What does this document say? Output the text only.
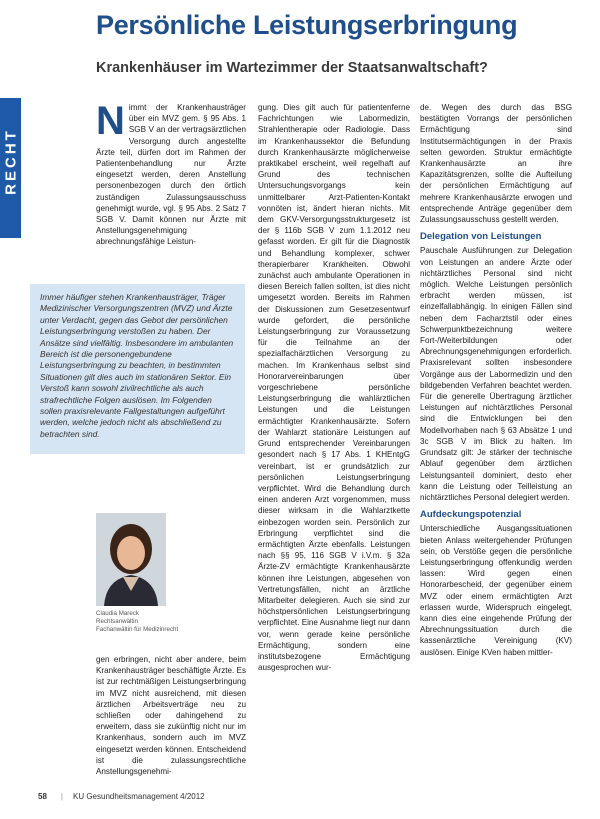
Persönliche Leistungserbringung
Krankenhäuser im Wartezimmer der Staatsanwaltschaft?
RECHT

Nimmt der Krankenhausträger über ein MVZ gem. § 95 Abs. 1 SGB V an der vertragsärztlichen Versorgung durch angestellte Ärzte teil, dürfen dort im Rahmen der Patientenbehandlung nur Ärzte eingesetzt werden, deren Anstellung personenbezogen durch den örtlich zuständigen Zulassungsausschuss genehmigt wurde, vgl. § 95 Abs. 2 Satz 7 SGB V. Damit können nur Ärzte mit Anstellungsgenehmigung abrechnungsfähige Leistun-

Immer häufiger stehen Krankenhausträger, Träger Medizinischer Versorgungszentren (MVZ) und Ärzte unter Verdacht, gegen das Gebot der persönlichen Leistungserbringung verstoßen zu haben. Der Ansätze sind vielfältig. Insbesondere im ambulanten Bereich ist die personengebundene Leistungserbringung zu beachten, in bestimmten Situationen gilt dies auch im stationären Sektor. Ein Verstoß kann sowohl zivilrechtliche als auch strafrechtliche Folgen auslösen. Im Folgenden sollen praxisrelevante Fallgestaltungen aufgeführt werden, welche jedoch nicht als abschließend zu betrachten sind.

Claudia Mareck
Rechtsanwältin
Fachanwältin für Medizinrecht

gen erbringen, nicht aber andere, beim Krankenhausträger beschäftigte Ärzte. Es ist zur rechtmäßigen Leistungserbringung im MVZ nicht ausreichend, mit diesen ärztlichen Arbeitsverträge neu zu schließen oder dahingehend zu erweitern, dass sie zukünftig nicht nur im Krankenhaus, sondern auch im MVZ eingesetzt werden können. Entscheidend ist die zulassungsrechtliche Anstellungsgenehmi-

gung. Dies gilt auch für patientenferne Fachrichtungen wie Labormedizin, Strahlentherapie oder Radiologie. Dass im Krankenhaussektor die Befundung durch Krankenhausärzte möglicherweise praktikabel erscheint, weil regelhaft auf Grund des technischen Untersuchungsvorgangs kein unmittelbarer Arzt-Patienten-Kontakt vonnöten ist, ändert hieran nichts. Mit dem GKV-Versorgungsstrukturgesetz ist der § 116b SGB V zum 1.1.2012 neu gefasst worden. Er gilt für die Diagnostik und Behandlung komplexer, schwer therapierbarer Krankheiten. Obwohl zunächst auch ambulante Operationen in diesen Bereich fallen sollten, ist dies nicht umgesetzt worden. Bereits im Rahmen der Diskussionen zum Gesetzesentwurf wurde gefordert, die persönliche Leistungserbringung zur Voraussetzung für die Teilnahme an der spezialfachärztlichen Versorgung zu machen. Im Krankenhaus selbst sind Honorarvereinbarungen über vorgeschriebene persönliche Leistungserbringung die wahlärztlichen Leistungen und die Leistungen ermächtigter Krankenhausärzte. Sofern der Wahlarzt stationäre Leistungen auf Grund entsprechender Vereinbarungen gesondert nach § 17 Abs. 1 KHEntgG vereinbart, ist er grundsätzlich zur persönlichen Leistungserbringung verpflichtet. Wird die Behandlung durch einen anderen Arzt vorgenommen, muss dieser wirksam in die Wahlarztkette einbezogen worden sein. Persönlich zur Erbringung verpflichtet sind die ermächtigten Ärzte ebenfalls. Leistungen nach §§ 95, 116 SGB V i.V.m. § 32a Ärzte-ZV ermächtigte Krankenhausärzte können ihre Leistungen, abgesehen von Vertretungsfällen, nicht an ärztliche Mitarbeiter delegieren. Auch sie sind zur höchstpersönlichen Leistungserbringung verpflichtet. Eine Ausnahme liegt nur dann vor, wenn gerade keine persönliche Ermächtigung, sondern eine institutsbezogene Ermächtigung ausgesprochen wur-

de. Wegen des durch das BSG bestätigten Vorrangs der persönlichen Ermächtigung sind Institutsermächtigungen in der Praxis selten geworden. Struktur ermächtigte Krankenhausärzte an ihre Kapazitätsgrenzen, sollte die Aufteilung der persönlichen Ermächtigung auf mehrere Krankenhausärzte erwogen und entsprechende Anträge gegenüber dem Zulassungsausschuss gestellt werden.

Delegation von Leistungen

Pauschale Ausführungen zur Delegation von Leistungen an andere Ärzte oder nichtärztliches Personal sind nicht möglich. Welche Leistungen persönlich erbracht werden müssen, ist einzelfallabhängig. In einigen Fällen sind neben dem Facharztstil oder eines Schwerpunktbezeichnung weitere Fort-/Weiterbildungen oder Abrechnungsgenehmigungen erforderlich. Praxisrelevant sollten insbesondere Vorgänge aus der Labormedizin und den bildgebenden Verfahren beachtet werden. Für die generelle Übertragung ärztlicher Leistungen auf nichtärztliches Personal sind die Entwicklungen bei den Modellvorhaben nach § 63 Absätze 1 und 3c SGB V im Blick zu halten. Im Grundsatz gilt: Je stärker der technische Ablauf gegenüber dem ärztlichen Leistungsanteil dominiert, desto eher kann die Leistung oder Teilleistung an nichtärztliches Personal delegiert werden.

Aufdeckungspotenzial

Unterschiedliche Ausgangssituationen bieten Anlass weitergehender Prüfungen sein, ob Verstöße gegen die persönliche Leistungserbringung offenkundig werden lassen: Wird gegen einen Honorarbescheid, der gegenüber einem MVZ oder einem ermächtigten Arzt erlassen wurde, Widerspruch eingelegt, kann dies eine eingehende Prüfung der Abrechnungssituation durch die kassenärztliche Vereinigung (KV) auslösen. Einige KVen haben mittler-

58 | KU Gesundheitsmanagement 4/2012
